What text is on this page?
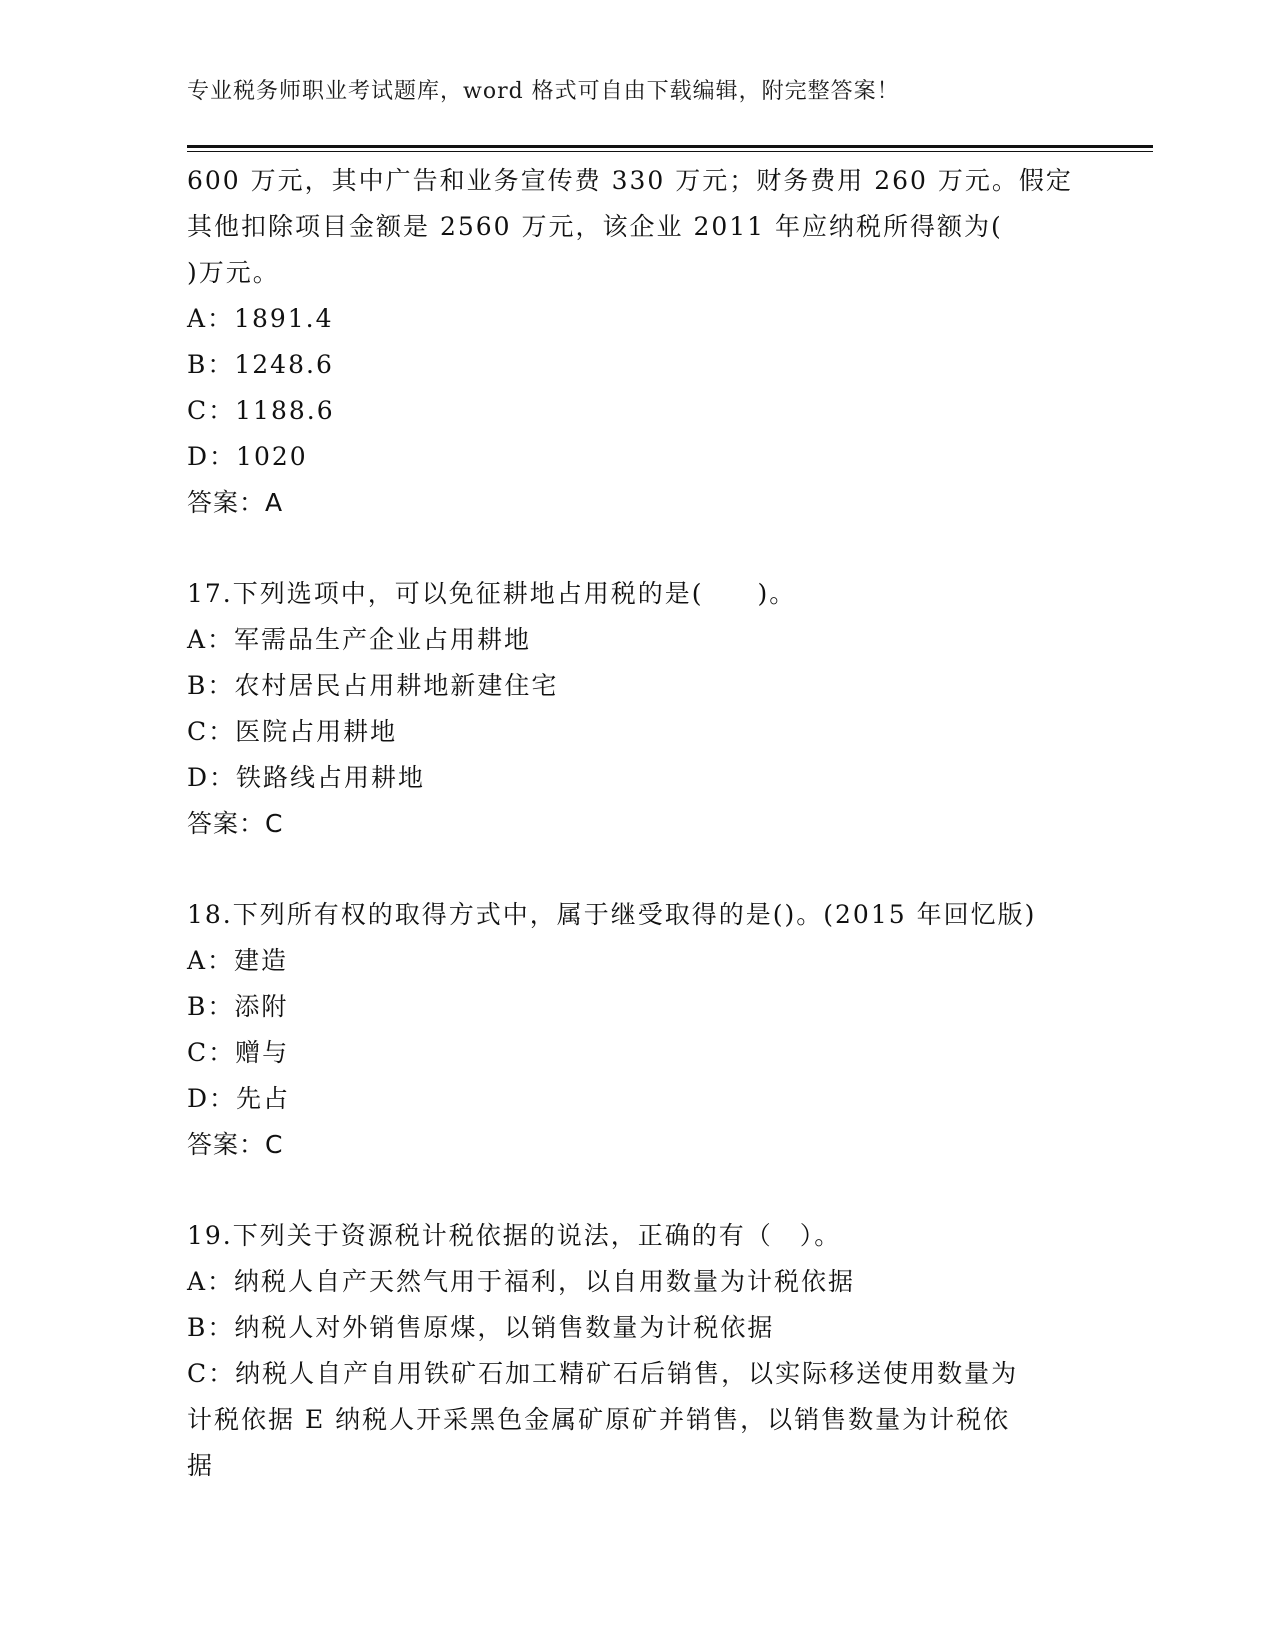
专业税务师职业考试题库，word 格式可自由下载编辑，附完整答案！
600 万元，其中广告和业务宣传费 330 万元；财务费用 260 万元。假定
其他扣除项目金额是 2560 万元，该企业 2011 年应纳税所得额为(
)万元。
A：1891.4
B：1248.6
C：1188.6
D：1020
答案：A
17.下列选项中，可以免征耕地占用税的是(　　)。
A：军需品生产企业占用耕地
B：农村居民占用耕地新建住宅
C：医院占用耕地
D：铁路线占用耕地
答案：C
18.下列所有权的取得方式中，属于继受取得的是()。(2015 年回忆版)
A：建造
B：添附
C：赠与
D：先占
答案：C
19.下列关于资源税计税依据的说法，正确的有（　）。
A：纳税人自产天然气用于福利，以自用数量为计税依据
B：纳税人对外销售原煤，以销售数量为计税依据
C：纳税人自产自用铁矿石加工精矿石后销售，以实际移送使用数量为
计税依据 E 纳税人开采黑色金属矿原矿并销售，以销售数量为计税依
据
